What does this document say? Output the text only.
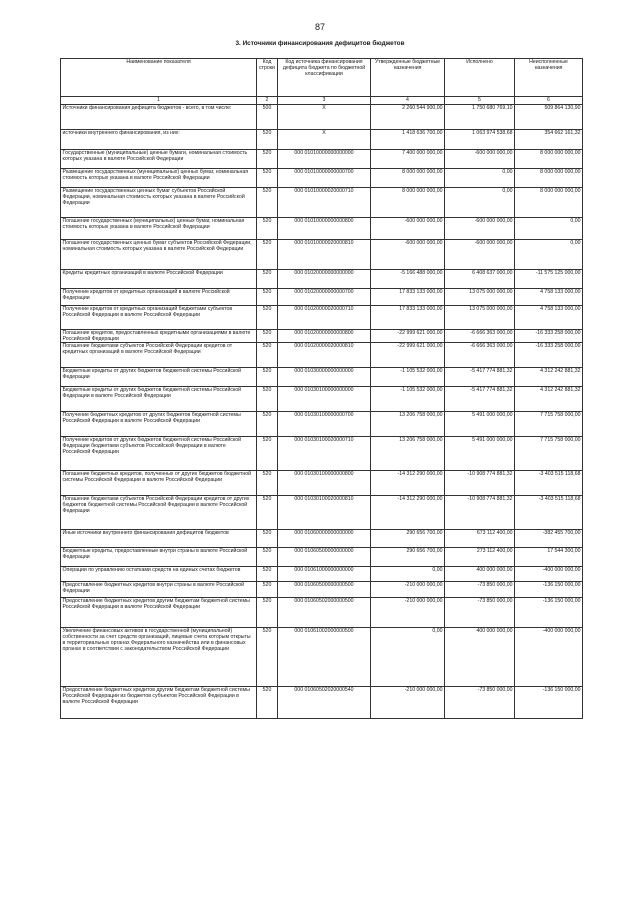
87
3. Источники финансирования дефицитов бюджетов
Наименование показателя	Код строки	Код источника финансирования дефицита бюджета по бюджетной классификации	Утвержденные бюджетные назначения	Исполнено	Неисполненные назначения
1	2	3	4	5	6
Источники финансирования дефицита бюджетов - всего, в том числе:	500	Х	2 260 544 900,00	1 750 680 769,10	509 864 130,90
источники внутреннего финансирования, из них:	520	Х	1 418 636 700,00	1 063 974 538,68	354 662 161,32
Государственные (муниципальные) ценные бумаги, номинальная стоимость которых указана в валюте Российской Федерации	520	000 01010000000000000	7 400 000 000,00	-600 000 000,00	8 000 000 000,00
Размещение государственных (муниципальных) ценных бумаг, номинальная стоимость которых указана в валюте Российской Федерации	520	000 01010000000000700	8 000 000 000,00	0,00	8 000 000 000,00
Размещение государственных ценных бумаг субъектов Российской Федерации, номинальная стоимость которых указана в валюте Российской Федерации	520	000 01010000020000710	8 000 000 000,00	0,00	8 000 000 000,00
Погашение государственных (муниципальных) ценных бумаг, номинальная стоимость которых указана в валюте Российской Федерации	520	000 01010000000000800	-600 000 000,00	-600 000 000,00	0,00
Погашение государственных ценных бумаг субъектов Российской Федерации, номинальная стоимость которых указана в валюте Российской Федерации	520	000 01010000020000810	-600 000 000,00	-600 000 000,00	0,00
Кредиты кредитных организаций в валюте Российской Федерации	520	000 01020000000000000	-5 166 488 000,00	6 408 637 000,00	-11 575 125 000,00
Получение кредитов от кредитных организаций в валюте Российской Федерации	520	000 01020000000000700	17 833 133 000,00	13 075 000 000,00	4 758 133 000,00
Получение кредитов от кредитных организаций бюджетами субъектов Российской Федерации в валюте Российской Федерации	520	000 01020000020000710	17 833 133 000,00	13 075 000 000,00	4 758 133 000,00
Погашение кредитов, предоставленных кредитными организациями в валюте Российской Федерации	520	000 01020000000000800	-22 999 621 000,00	-6 666 363 000,00	-16 333 258 000,00
Погашение бюджетами субъектов Российской Федерации кредитов от кредитных организаций в валюте Российской Федерации	520	000 01020000020000810	-22 999 621 000,00	-6 666 363 000,00	-16 333 258 000,00
Бюджетные кредиты от других бюджетов бюджетной системы Российской Федерации	520	000 01030000000000000	-1 105 532 000,00	-5 417 774 881,32	4 312 242 881,32
Бюджетные кредиты от других бюджетов бюджетной системы Российской Федерации в валюте Российской Федерации	520	000 01030100000000000	-1 105 532 000,00	-5 417 774 881,32	4 312 242 881,32
Получение бюджетных кредитов от других бюджетов бюджетной системы Российской Федерации в валюте Российской Федерации	520	000 01030100000000700	13 206 758 000,00	5 491 000 000,00	7 715 758 000,00
Получение кредитов от других бюджетов бюджетной системы Российской Федерации бюджетами субъектов Российской Федерации в валюте Российской Федерации	520	000 01030100020000710	13 206 758 000,00	5 491 000 000,00	7 715 758 000,00
Погашение бюджетных кредитов, полученных от других бюджетов бюджетной системы Российской Федерации в валюте Российской Федерации	520	000 01030100000000800	-14 312 290 000,00	-10 908 774 881,32	-3 403 515 118,68
Погашение бюджетами субъектов Российской Федерации кредитов от других бюджетов бюджетной системы Российской Федерации в валюте Российской Федерации	520	000 01030100020000810	-14 312 290 000,00	-10 908 774 881,32	-3 403 515 118,68
Иные источники внутреннего финансирования дефицитов бюджетов	520	000 01060000000000000	290 656 700,00	673 112 400,00	-382 455 700,00
Бюджетные кредиты, предоставленные внутри страны в валюте Российской Федерации	520	000 01060500000000000	290 656 700,00	273 112 400,00	17 544 300,00
Операции по управлению остатками средств на единых счетах бюджетов	520	000 01061000000000000	0,00	400 000 000,00	-400 000 000,00
Предоставление бюджетных кредитов внутри страны в валюте Российской Федерации	520	000 01060500000000500	-210 000 000,00	-73 850 000,00	-136 150 000,00
Предоставление бюджетных кредитов другим бюджетам бюджетной системы Российской Федерации в валюте Российской Федерации	520	000 01060502000000500	-210 000 000,00	-73 850 000,00	-136 150 000,00
Увеличение финансовых активов в государственной (муниципальной) собственности за счет средств организаций, лицевые счета которым открыты в территориальных органах Федерального казначейства или в финансовых органах в соответствии с законодательством Российской Федерации	520	000 01061002000000500	0,00	400 000 000,00	-400 000 000,00
Предоставление бюджетных кредитов другим бюджетам бюджетной системы Российской Федерации из бюджетов субъектов Российской Федерации в валюте Российской Федерации	520	000 01060502020000540	-210 000 000,00	-73 850 000,00	-136 150 000,00
